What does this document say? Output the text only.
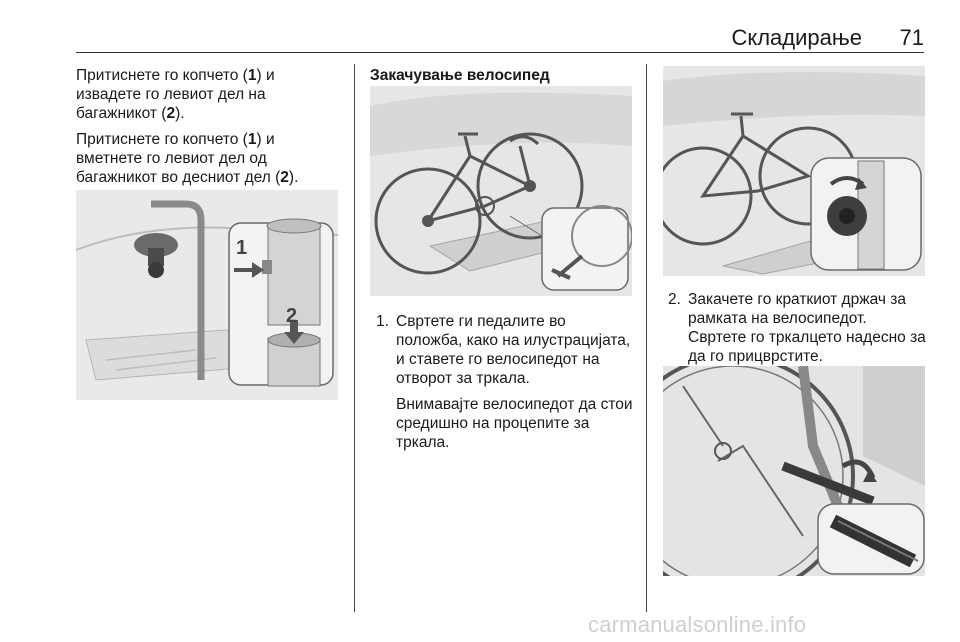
Складирање 71

Притиснете го копчето (1) и извадете го левиот дел на багажникот (2).

Притиснете го копчето (1) и вметнете го левиот дел од багажникот во десниот дел (2).

1
2

Закачување велосипед

1. Свртете ги педалите во положба, како на илустрацијата, и ставете го велосипедот на отворот за тркала.

Внимавајте велосипедот да стои средишно на процепите за тркала.

2. Закачете го краткиот држач за рамката на велосипедот. Свртете го тркалцето надесно за да го прицврстите.

carmanualsonline.info
